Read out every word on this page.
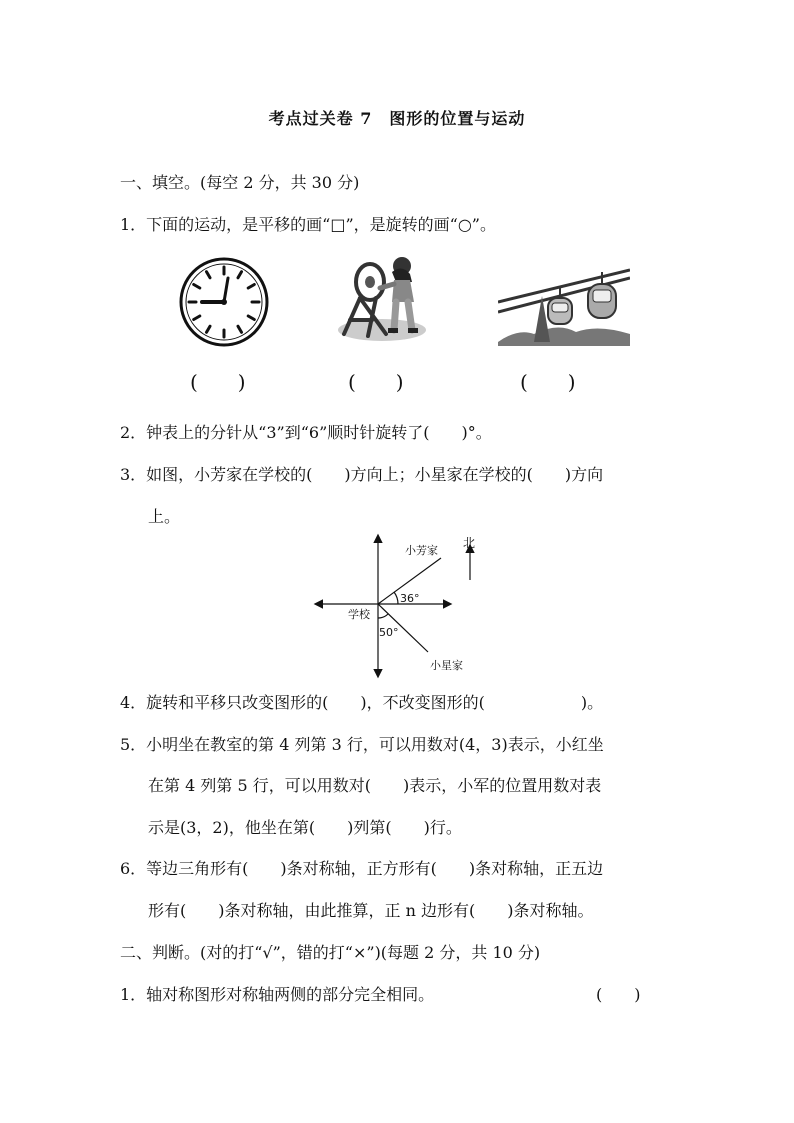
考点过关卷 7　图形的位置与运动
一、填空。(每空 2 分，共 30 分)
1．下面的运动，是平移的画“□”，是旋转的画“○”。
(　　)	(　　)	(　　)
2．钟表上的分针从“3”到“6”顺时针旋转了(　　)°。
3．如图，小芳家在学校的(　　)方向上；小星家在学校的(　　)方向
上。
小芳家
北
36°
学校
50°
小星家
4．旋转和平移只改变图形的(　　)，不改变图形的(　　　　　　)。
5．小明坐在教室的第 4 列第 3 行，可以用数对(4，3)表示，小红坐
在第 4 列第 5 行，可以用数对(　　)表示，小军的位置用数对表
示是(3，2)，他坐在第(　　)列第(　　)行。
6．等边三角形有(　　)条对称轴，正方形有(　　)条对称轴，正五边
形有(　　)条对称轴，由此推算，正 n 边形有(　　)条对称轴。
二、判断。(对的打“√”，错的打“×”)(每题 2 分，共 10 分)
1．轴对称图形对称轴两侧的部分完全相同。	(　　)
